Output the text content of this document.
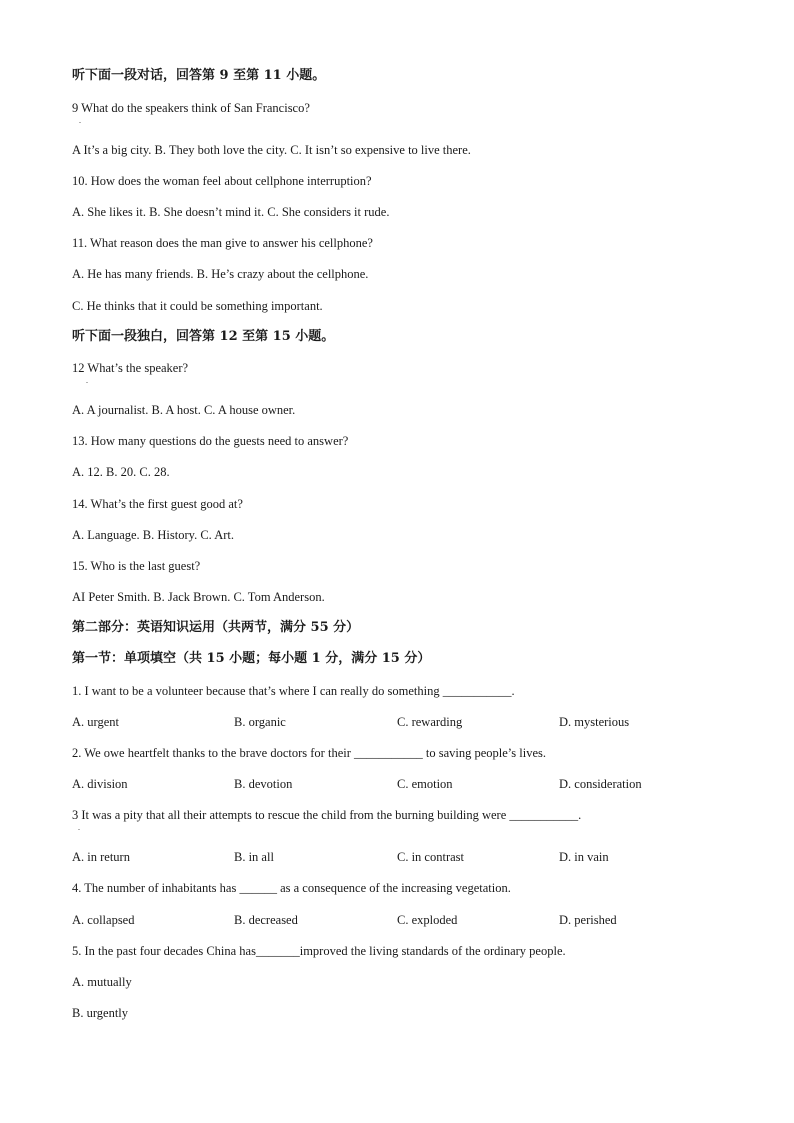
听下面一段对话，回答第 9 至第 11 小题。
9 What do the speakers think of San Francisco?
.
A It’s a big city. B. They both love the city. C. It isn’t so expensive to live there.
10. How does the woman feel about cellphone interruption?
A. She likes it. B. She doesn’t mind it. C. She considers it rude.
11. What reason does the man give to answer his cellphone?
A. He has many friends. B. He’s crazy about the cellphone.
C. He thinks that it could be something important.
听下面一段独白，回答第 12 至第 15 小题。
12 What’s the speaker?
.
A. A journalist. B. A host. C. A house owner.
13. How many questions do the guests need to answer?
A. 12. B. 20. C. 28.
14. What’s the first guest good at?
A. Language. B. History. C. Art.
15. Who is the last guest?
AI Peter Smith. B. Jack Brown. C. Tom Anderson.
第二部分：英语知识运用（共两节，满分 55 分）
第一节：单项填空（共 15 小题；每小题 1 分，满分 15 分）
1. I want to be a volunteer because that’s where I can really do something ___________.
A. urgent	B. organic	C. rewarding	D. mysterious
2. We owe heartfelt thanks to the brave doctors for their ___________ to saving people’s lives.
A. division	B. devotion	C. emotion	D. consideration
3 It was a pity that all their attempts to rescue the child from the burning building were ___________.
.
A. in return	B. in all	C. in contrast	D. in vain
4. The number of inhabitants has ______ as a consequence of the increasing vegetation.
A. collapsed	B. decreased	C. exploded	D. perished
5. In the past four decades China has_______improved the living standards of the ordinary people.
A. mutually
B. urgently
